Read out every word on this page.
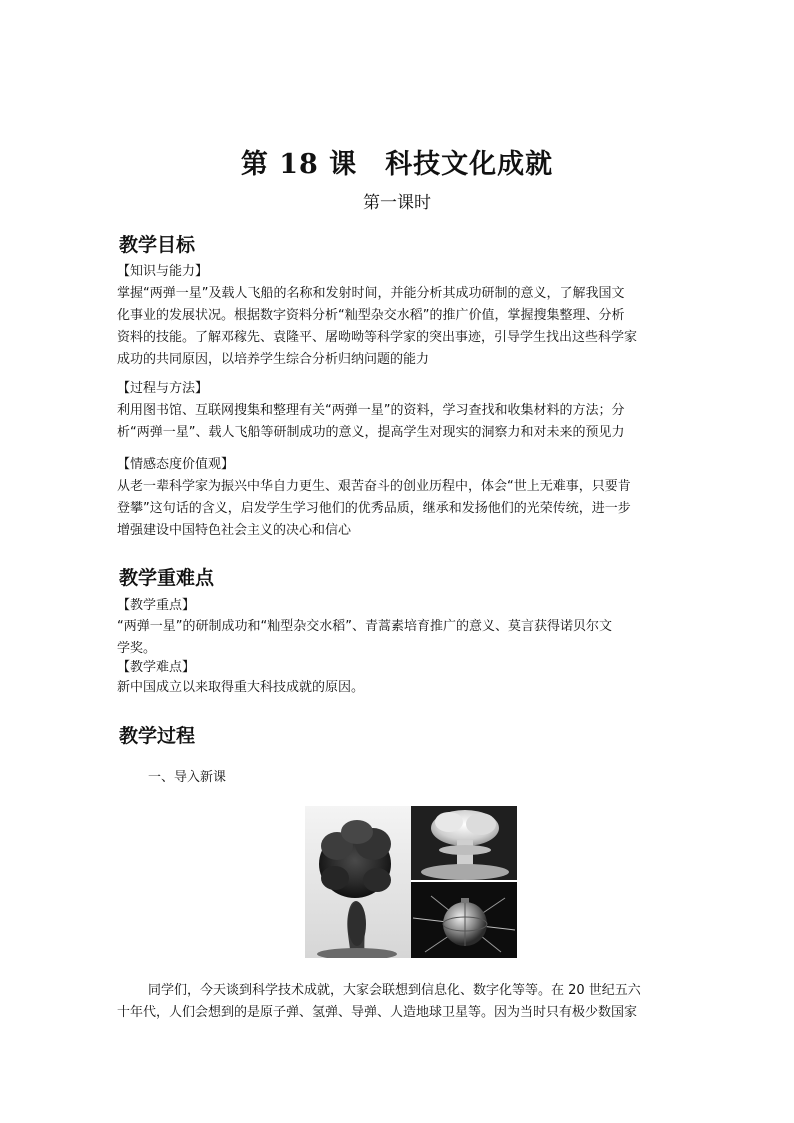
第 18 课　科技文化成就
第一课时
教学目标
【知识与能力】
掌握“两弹一星”及载人飞船的名称和发射时间，并能分析其成功研制的意义，了解我国文
化事业的发展状况。根据数字资料分析“籼型杂交水稻”的推广价值，掌握搜集整理、分析
资料的技能。了解邓稼先、袁隆平、屠呦呦等科学家的突出事迹，引导学生找出这些科学家
成功的共同原因，以培养学生综合分析归纳问题的能力
【过程与方法】
利用图书馆、互联网搜集和整理有关“两弹一星”的资料，学习查找和收集材料的方法；分
析“两弹一星”、载人飞船等研制成功的意义，提高学生对现实的洞察力和对未来的预见力
【情感态度价值观】
从老一辈科学家为振兴中华自力更生、艰苦奋斗的创业历程中，体会“世上无难事，只要肯
登攀”这句话的含义，启发学生学习他们的优秀品质，继承和发扬他们的光荣传统，进一步
增强建设中国特色社会主义的决心和信心
教学重难点
【教学重点】
“两弹一星”的研制成功和“籼型杂交水稻”、青蒿素培育推广的意义、莫言获得诺贝尔文
学奖。
【教学难点】
新中国成立以来取得重大科技成就的原因。
教学过程
一、导入新课
同学们，今天谈到科学技术成就，大家会联想到信息化、数字化等等。在 20 世纪五六
十年代，人们会想到的是原子弹、氢弹、导弹、人造地球卫星等。因为当时只有极少数国家
